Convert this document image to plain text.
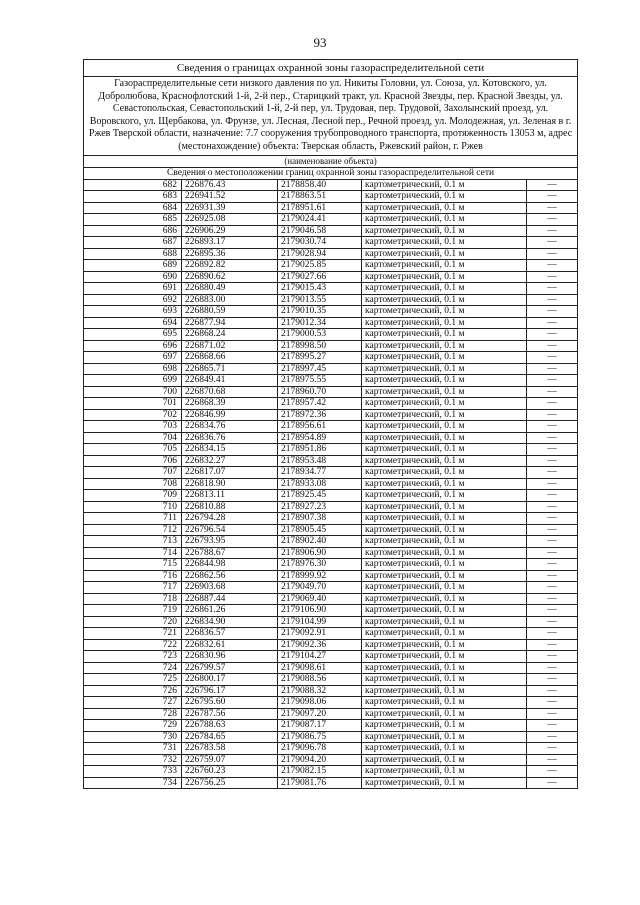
93
Сведения о границах охранной зоны газораспределительной сети				
Газораспределительные сети низкого давления по ул. Никиты Головни, ул. Союза, ул. Котовского, ул. Добролюбова, Краснофлотский 1-й, 2-й пер., Старицкий тракт, ул. Красной Звезды, пер. Красной Звезды, ул. Севастопольская, Севастопольский 1-й, 2-й пер, ул. Трудовая, пер. Трудовой, Захолынский проезд, ул. Воровского, ул. Щербакова, ул. Фрунзе, ул. Лесная, Лесной пер., Речной проезд, ул. Молодежная, ул. Зеленая в г. Ржев Тверской области, назначение: 7.7 сооружения трубопроводного транспорта, протяженность 13053 м, адрес (местонахождение) объекта: Тверская область, Ржевский район, г. Ржев				
(наименование объекта)				
Сведения о местоположении границ охранной зоны газораспределительной сети				
682	226876.43	2178858.40	картометрический, 0.1 м	—
683	226941.52	2178863.51	картометрический, 0.1 м	—
684	226931.39	2178951.61	картометрический, 0.1 м	—
685	226925.08	2179024.41	картометрический, 0.1 м	—
686	226906.29	2179046.58	картометрический, 0.1 м	—
687	226893.17	2179030.74	картометрический, 0.1 м	—
688	226895.36	2179028.94	картометрический, 0.1 м	—
689	226892.82	2179025.85	картометрический, 0.1 м	—
690	226890.62	2179027.66	картометрический, 0.1 м	—
691	226880.49	2179015.43	картометрический, 0.1 м	—
692	226883.00	2179013.55	картометрический, 0.1 м	—
693	226880.59	2179010.35	картометрический, 0.1 м	—
694	226877.94	2179012.34	картометрический, 0.1 м	—
695	226868.24	2179000.53	картометрический, 0.1 м	—
696	226871.02	2178998.50	картометрический, 0.1 м	—
697	226868.66	2178995.27	картометрический, 0.1 м	—
698	226865.71	2178997.45	картометрический, 0.1 м	—
699	226849.41	2178975.55	картометрический, 0.1 м	—
700	226870.68	2178960.70	картометрический, 0.1 м	—
701	226868.39	2178957.42	картометрический, 0.1 м	—
702	226846.99	2178972.36	картометрический, 0.1 м	—
703	226834.76	2178956.61	картометрический, 0.1 м	—
704	226836.76	2178954.89	картометрический, 0.1 м	—
705	226834.15	2178951.86	картометрический, 0.1 м	—
706	226832.27	2178953.48	картометрический, 0.1 м	—
707	226817.07	2178934.77	картометрический, 0.1 м	—
708	226818.90	2178933.08	картометрический, 0.1 м	—
709	226813.11	2178925.45	картометрический, 0.1 м	—
710	226810.88	2178927.23	картометрический, 0.1 м	—
711	226794.28	2178907.38	картометрический, 0.1 м	—
712	226796.54	2178905.45	картометрический, 0.1 м	—
713	226793.95	2178902.40	картометрический, 0.1 м	—
714	226788.67	2178906.90	картометрический, 0.1 м	—
715	226844.98	2178976.30	картометрический, 0.1 м	—
716	226862.56	2178999.92	картометрический, 0.1 м	—
717	226903.68	2179049.70	картометрический, 0.1 м	—
718	226887.44	2179069.40	картометрический, 0.1 м	—
719	226861.26	2179106.90	картометрический, 0.1 м	—
720	226834.90	2179104.99	картометрический, 0.1 м	—
721	226836.57	2179092.91	картометрический, 0.1 м	—
722	226832.61	2179092.36	картометрический, 0.1 м	—
723	226830.96	2179104.27	картометрический, 0.1 м	—
724	226799.57	2179098.61	картометрический, 0.1 м	—
725	226800.17	2179088.56	картометрический, 0.1 м	—
726	226796.17	2179088.32	картометрический, 0.1 м	—
727	226795.60	2179098.06	картометрический, 0.1 м	—
728	226787.56	2179097.20	картометрический, 0.1 м	—
729	226788.63	2179087.17	картометрический, 0.1 м	—
730	226784.65	2179086.75	картометрический, 0.1 м	—
731	226783.58	2179096.78	картометрический, 0.1 м	—
732	226759.07	2179094.20	картометрический, 0.1 м	—
733	226760.23	2179082.15	картометрический, 0.1 м	—
734	226756.25	2179081.76	картометрический, 0.1 м	—
